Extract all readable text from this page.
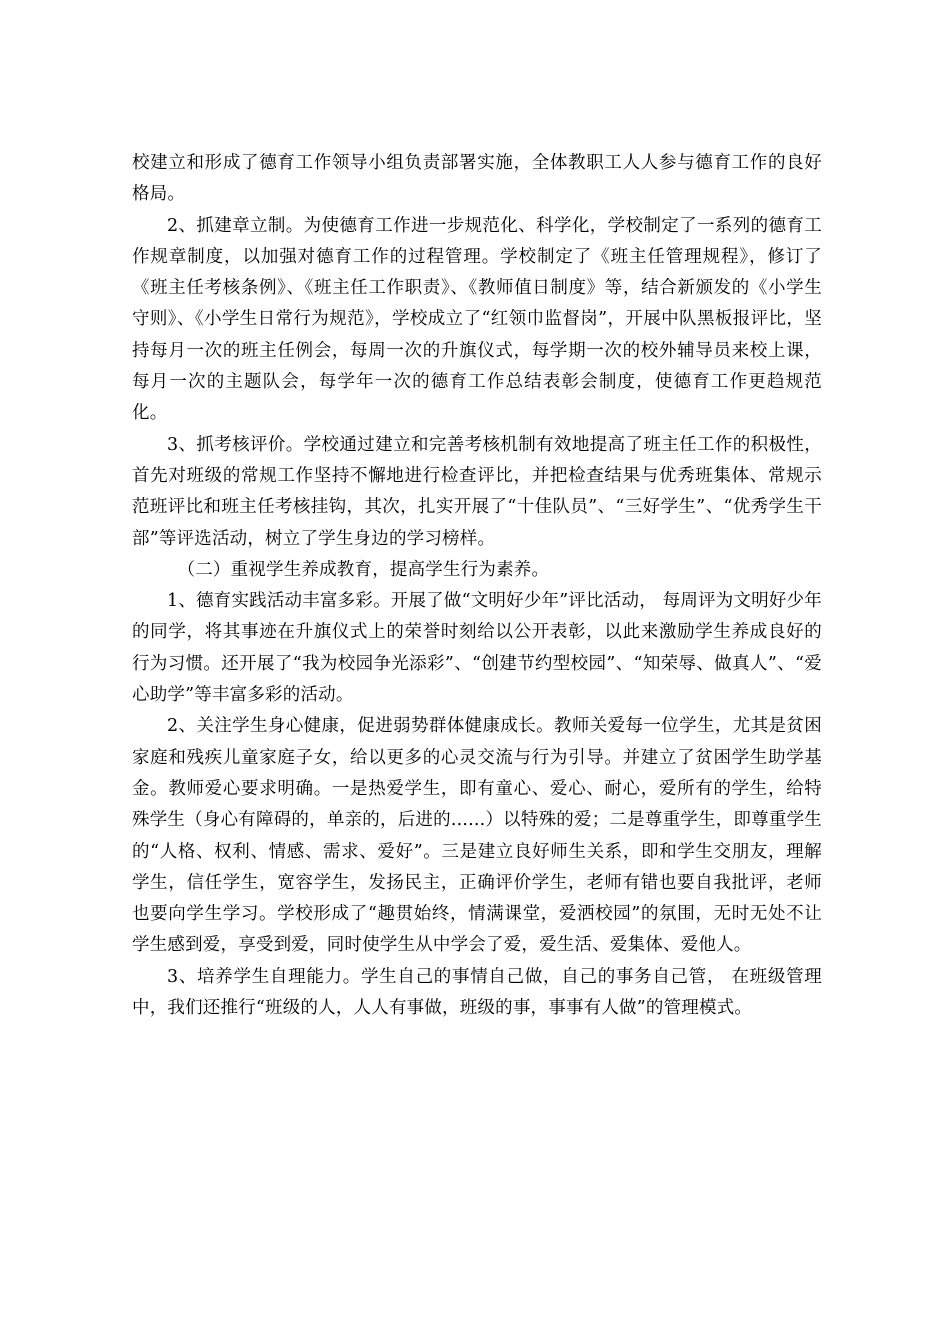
校建立和形成了德育工作领导小组负责部署实施，全体教职工人人参与德育工作的良好格局。

2、抓建章立制。为使德育工作进一步规范化、科学化，学校制定了一系列的德育工作规章制度，以加强对德育工作的过程管理。学校制定了《班主任管理规程》，修订了《班主任考核条例》、《班主任工作职责》、《教师值日制度》等，结合新颁发的《小学生守则》、《小学生日常行为规范》，学校成立了“红领巾监督岗”，开展中队黑板报评比，坚持每月一次的班主任例会，每周一次的升旗仪式，每学期一次的校外辅导员来校上课，每月一次的主题队会，每学年一次的德育工作总结表彰会制度，使德育工作更趋规范化。

3、抓考核评价。学校通过建立和完善考核机制有效地提高了班主任工作的积极性，首先对班级的常规工作坚持不懈地进行检查评比，并把检查结果与优秀班集体、常规示范班评比和班主任考核挂钩，其次，扎实开展了“十佳队员”、“三好学生”、“优秀学生干部”等评选活动，树立了学生身边的学习榜样。

（二）重视学生养成教育，提高学生行为素养。

1、德育实践活动丰富多彩。开展了做“文明好少年”评比活动， 每周评为文明好少年的同学，将其事迹在升旗仪式上的荣誉时刻给以公开表彰，以此来激励学生养成良好的行为习惯。还开展了“我为校园争光添彩”、“创建节约型校园”、“知荣辱、做真人”、“爱心助学”等丰富多彩的活动。

2、关注学生身心健康，促进弱势群体健康成长。教师关爱每一位学生，尤其是贫困家庭和残疾儿童家庭子女，给以更多的心灵交流与行为引导。并建立了贫困学生助学基金。教师爱心要求明确。一是热爱学生，即有童心、爱心、耐心，爱所有的学生，给特殊学生（身心有障碍的，单亲的，后进的......）以特殊的爱；二是尊重学生，即尊重学生的“人格、权利、情感、需求、爱好”。三是建立良好师生关系，即和学生交朋友，理解学生，信任学生，宽容学生，发扬民主，正确评价学生，老师有错也要自我批评，老师也要向学生学习。学校形成了“趣贯始终，情满课堂，爱洒校园”的氛围，无时无处不让学生感到爱，享受到爱，同时使学生从中学会了爱，爱生活、爱集体、爱他人。

3、培养学生自理能力。学生自己的事情自己做，自己的事务自己管， 在班级管理中，我们还推行“班级的人，人人有事做，班级的事，事事有人做”的管理模式。
